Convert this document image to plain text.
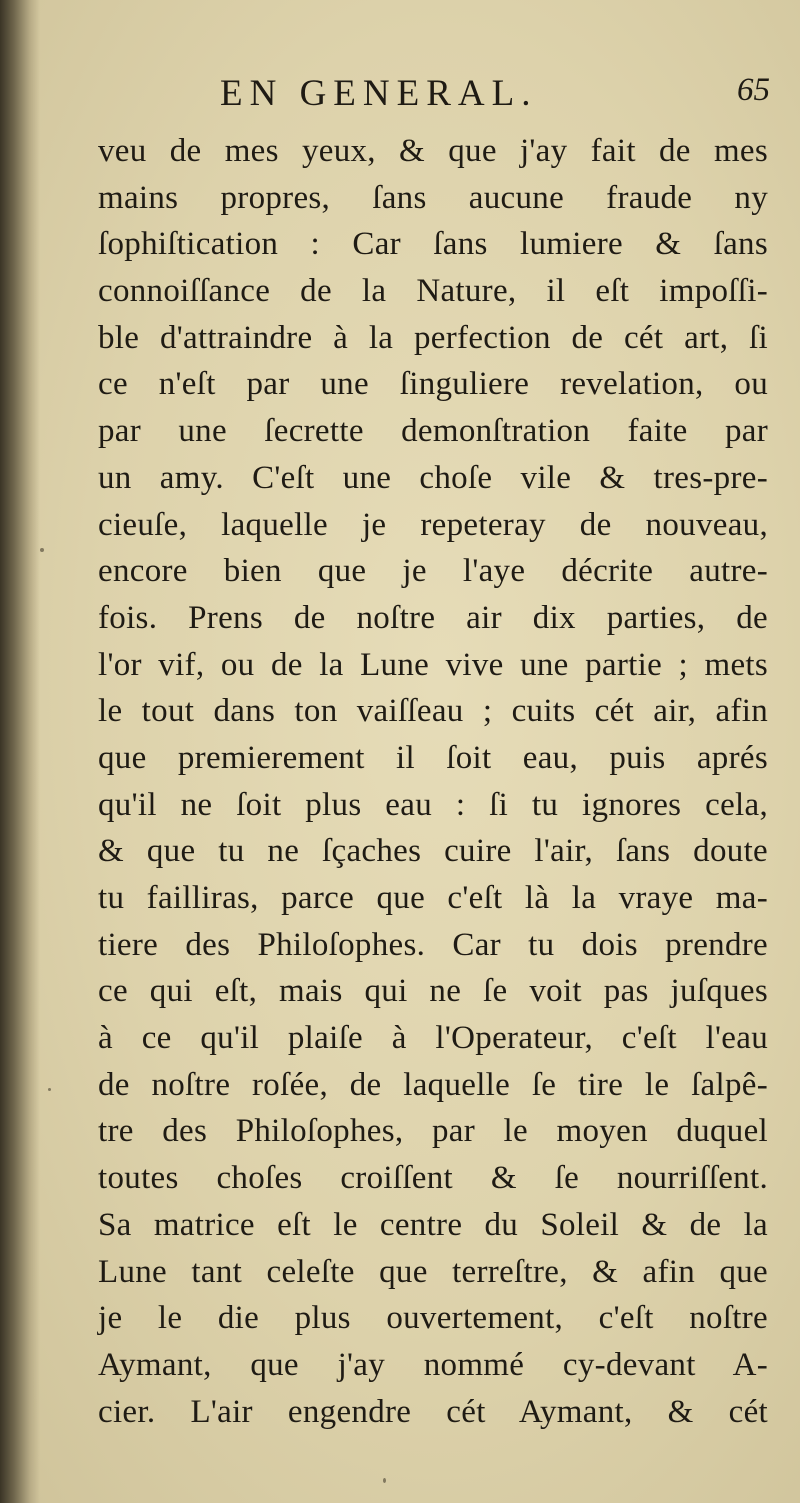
EN GENERAL.	65
veu de mes yeux, & que j'ay fait de mes
mains propres, ſans aucune fraude ny
ſophiſtication : Car ſans lumiere & ſans
connoiſſance de la Nature, il eſt impoſſi-
ble d'attraindre à la perfection de cét art, ſi
ce n'eſt par une ſinguliere revelation, ou
par une ſecrette demonſtration faite par
un amy. C'eſt une choſe vile & tres-pre-
cieuſe, laquelle je repeteray de nouveau,
encore bien que je l'aye décrite autre-
fois. Prens de noſtre air dix parties, de
l'or vif, ou de la Lune vive une partie ; mets
le tout dans ton vaiſſeau ; cuits cét air, afin
que premierement il ſoit eau, puis aprés
qu'il ne ſoit plus eau : ſi tu ignores cela,
& que tu ne ſçaches cuire l'air, ſans doute
tu failliras, parce que c'eſt là la vraye ma-
tiere des Philoſophes. Car tu dois prendre
ce qui eſt, mais qui ne ſe voit pas juſques
à ce qu'il plaiſe à l'Operateur, c'eſt l'eau
de noſtre roſée, de laquelle ſe tire le ſalpê-
tre des Philoſophes, par le moyen duquel
toutes choſes croiſſent & ſe nourriſſent.
Sa matrice eſt le centre du Soleil & de la
Lune tant celeſte que terreſtre, & afin que
je le die plus ouvertement, c'eſt noſtre
Aymant, que j'ay nommé cy-devant A-
cier. L'air engendre cét Aymant, & cét
